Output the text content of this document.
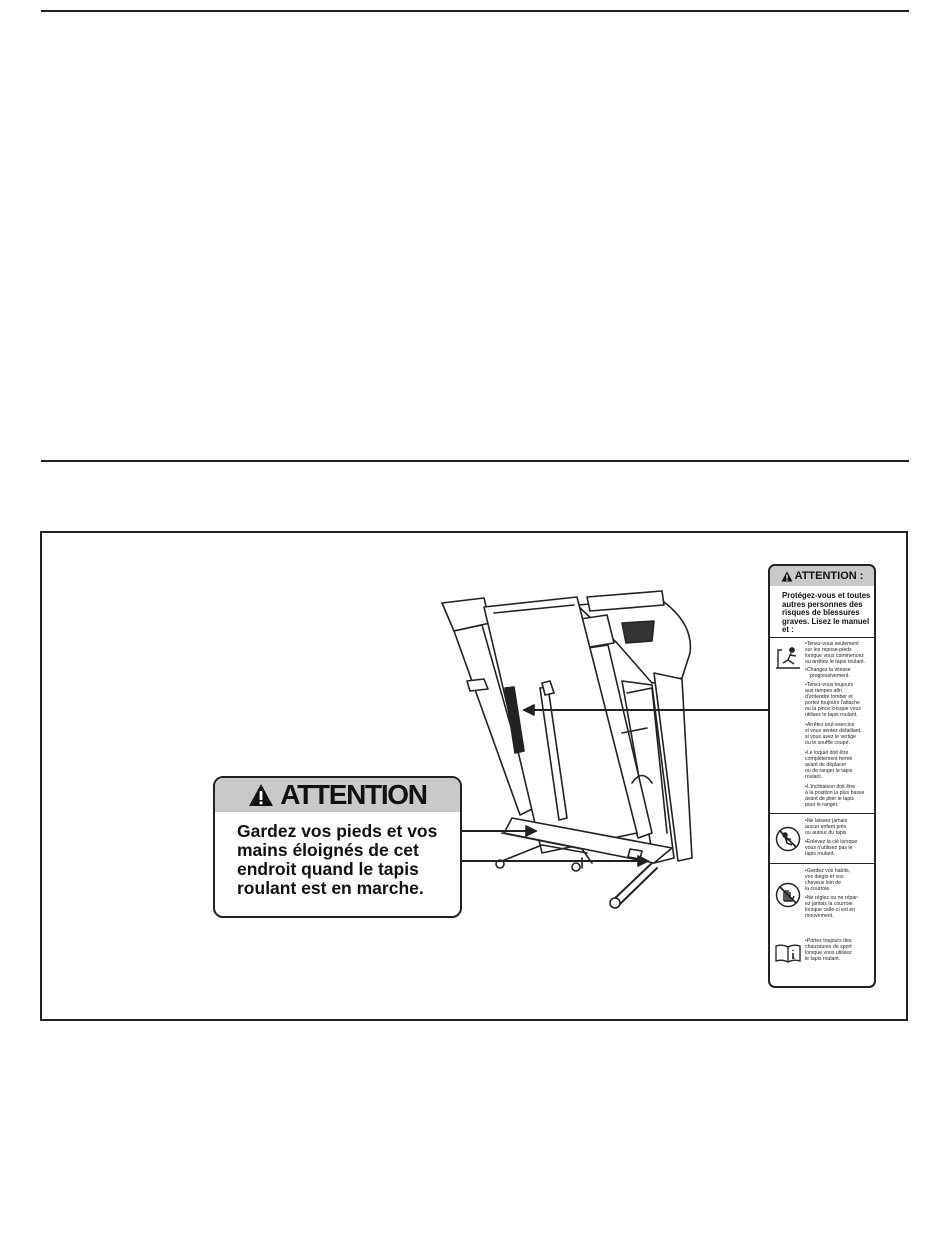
ATTENTION
Gardez vos pieds et vos
mains éloignés de cet
endroit quand le tapis
roulant est en marche.
ATTENTION :
Protégez-vous et toutes
autres personnes des
risques de blessures
graves. Lisez le manuel
et :
•Tenez-vous seulement
sur les repose-pieds
lorsque vous commencez
ou arrêtez le tapis roulant.
•Changez la vitesse
progressivement.
•Tenez-vous toujours
aux rampes afin
d'entendre tomber et
portez toujours l'attache
ou la pince lorsque vous
utilisez le tapis roulant.
•Arrêtez tout exercice
si vous sentez défaillant,
si vous avez le vertige
ou le souffle coupé.
•Le loquet doit être
complètement fermé
avant de déplacer
ou de ranger le tapis
roulant.
•L'inclinaison doit être
à la position la plus basse
avant de plier le tapis
pour le ranger.
•Ne laissez jamais
aucun enfant près
ou autour du tapis
•Enlevez la clé lorsque
vous n'utilisez pas le
tapis roulant.
•Gardez vos habits,
vos doigts et vos
cheveux loin de
la courroie.
•Ne réglez ou ne répar-
ez jamais la courroie
lorsque celle-ci est en
mouvement.
•Portez toujours des
chaussures de sport
lorsque vous utilisez
le tapis roulant.
